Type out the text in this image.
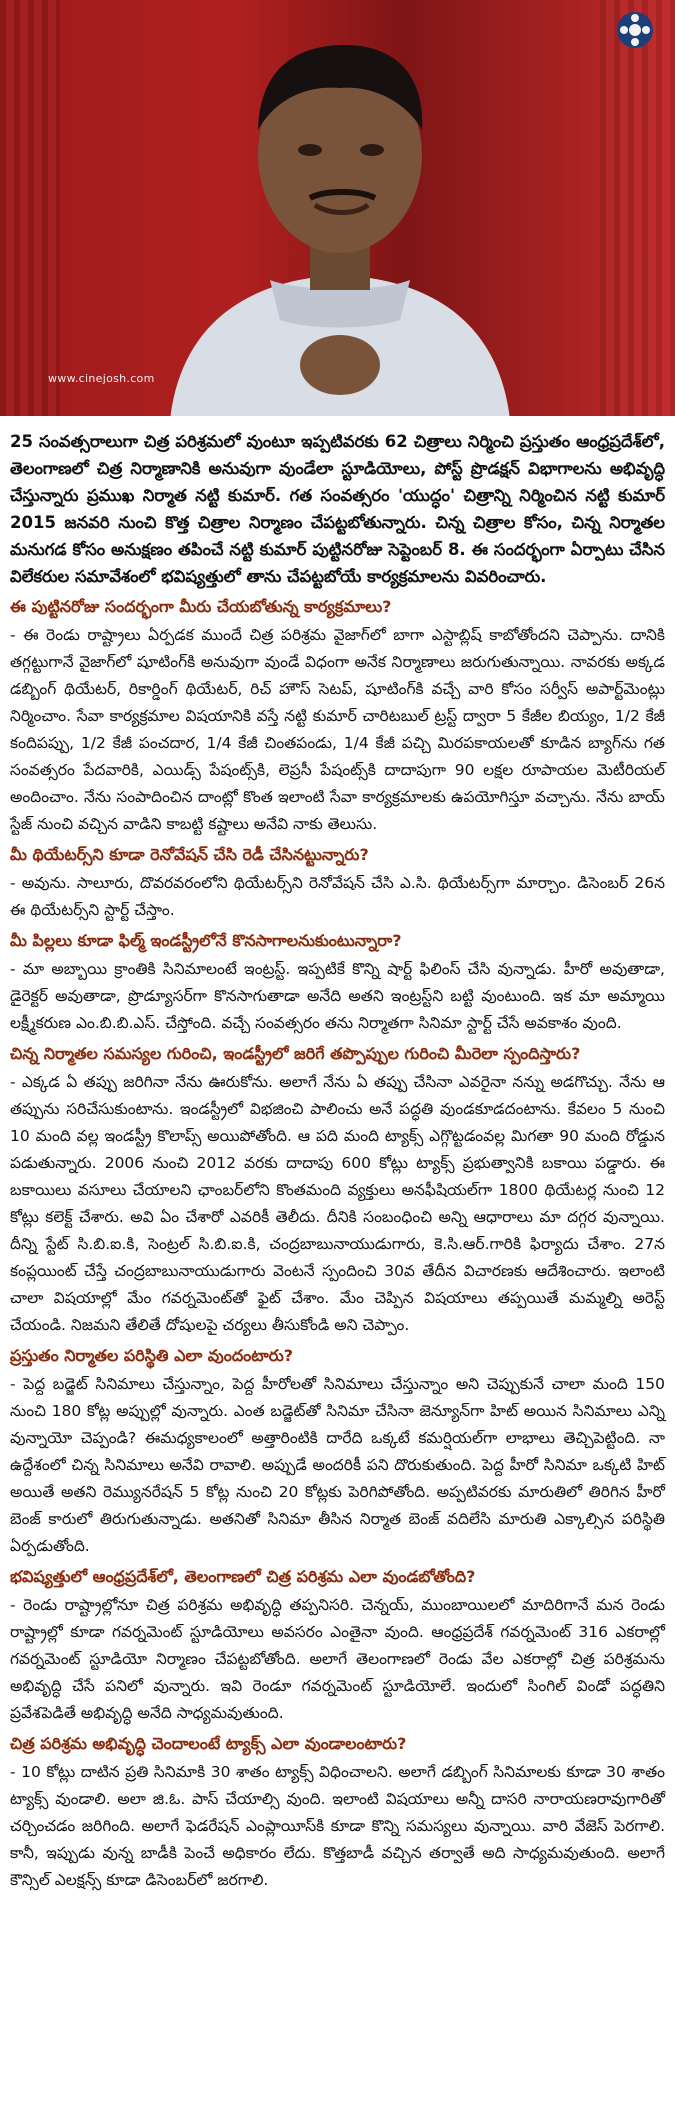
www.cinejosh.com

25 సంవత్సరాలుగా చిత్ర పరిశ్రమలో వుంటూ ఇప్పటివరకు 62 చిత్రాలు నిర్మించి ప్రస్తుతం ఆంధ్రప్రదేశ్‌లో, తెలంగాణలో చిత్ర నిర్మాణానికి అనువుగా వుండేలా స్టూడియోలు, పోస్ట్ ప్రొడక్షన్ విభాగాలను అభివృద్ధి చేస్తున్నారు ప్రముఖ నిర్మాత నట్టి కుమార్. గత సంవత్సరం 'యుద్ధం' చిత్రాన్ని నిర్మించిన నట్టి కుమార్ 2015 జనవరి నుంచి కొత్త చిత్రాల నిర్మాణం చేపట్టబోతున్నారు. చిన్న చిత్రాల కోసం, చిన్న నిర్మాతల మనుగడ కోసం అనుక్షణం తపించే నట్టి కుమార్ పుట్టినరోజు సెప్టెంబర్ 8. ఈ సందర్భంగా ఏర్పాటు చేసిన విలేకరుల సమావేశంలో భవిష్యత్తులో తాను చేపట్టబోయే కార్యక్రమాలను వివరించారు.

ఈ పుట్టినరోజు సందర్భంగా మీరు చేయబోతున్న కార్యక్రమాలు?

- ఈ రెండు రాష్ట్రాలు ఏర్పడక ముందే చిత్ర పరిశ్రమ వైజాగ్‌లో బాగా ఎస్టాబ్లిష్ కాబోతోందని చెప్పాను. దానికి తగ్గట్టుగానే వైజాగ్‌లో షూటింగ్‌కి అనువుగా వుండే విధంగా అనేక నిర్మాణాలు జరుగుతున్నాయి. నావరకు అక్కడ డబ్బింగ్ థియేటర్, రికార్డింగ్ థియేటర్, రిచ్ హౌస్ సెటప్, షూటింగ్‌కి వచ్చే వారి కోసం సర్వీస్ అపార్ట్‌మెంట్లు నిర్మించాం. సేవా కార్యక్రమాల విషయానికి వస్తే నట్టి కుమార్ చారిటబుల్ ట్రస్ట్ ద్వారా 5 కేజీల బియ్యం, 1/2 కేజీ కందిపప్పు, 1/2 కేజీ పంచదార, 1/4 కేజీ చింతపండు, 1/4 కేజీ పచ్చి మిరపకాయలతో కూడిన బ్యాగ్‌ను గత సంవత్సరం పేదవారికి, ఎయిడ్స్ పేషంట్స్‌కి, లెప్రసీ పేషంట్స్‌కి దాదాపుగా 90 లక్షల రూపాయల మెటీరియల్ అందించాం. నేను సంపాదించిన దాంట్లో కొంత ఇలాంటి సేవా కార్యక్రమాలకు ఉపయోగిస్తూ వచ్చాను. నేను బాయ్ స్టేజ్ నుంచి వచ్చిన వాడిని కాబట్టి కష్టాలు అనేవి నాకు తెలుసు.

మీ థియేటర్స్‌ని కూడా రెనోవేషన్ చేసి రెడీ చేసినట్టున్నారు?

- అవును. సాలూరు, దొవరవరంలోని థియేటర్స్‌ని రెనోవేషన్ చేసి ఎ.సి. థియేటర్స్‌గా మార్చాం. డిసెంబర్ 26న ఈ థియేటర్స్‌ని స్టార్ట్ చేస్తాం.

మీ పిల్లలు కూడా ఫిల్మ్ ఇండస్ట్రీలోనే కొనసాగాలనుకుంటున్నారా?

- మా అబ్బాయి క్రాంతికి సినిమాలంటే ఇంట్రస్ట్. ఇప్పటికే కొన్ని షార్ట్ ఫిలింస్ చేసి వున్నాడు. హీరో అవుతాడా, డైరెక్టర్ అవుతాడా, ప్రొడ్యూసర్‌గా కొనసాగుతాడా అనేది అతని ఇంట్రస్ట్‌ని బట్టి వుంటుంది. ఇక మా అమ్మాయి లక్ష్మీకరుణ ఎం.బి.బి.ఎస్. చేస్తోంది. వచ్చే సంవత్సరం తను నిర్మాతగా సినిమా స్టార్ట్ చేసే అవకాశం వుంది.

చిన్న నిర్మాతల సమస్యల గురించి, ఇండస్ట్రీలో జరిగే తప్పొప్పుల గురించి మీరెలా స్పందిస్తారు?

- ఎక్కడ ఏ తప్పు జరిగినా నేను ఊరుకోను. అలాగే నేను ఏ తప్పు చేసినా ఎవరైనా నన్ను అడగొచ్చు. నేను ఆ తప్పును సరిచేసుకుంటాను. ఇండస్ట్రీలో విభజించి పాలించు అనే పద్ధతి వుండకూడదంటాను. కేవలం 5 నుంచి 10 మంది వల్ల ఇండస్ట్రీ కొలాప్స్ అయిపోతోంది. ఆ పది మంది ట్యాక్స్ ఎగ్గొట్టడంవల్ల మిగతా 90 మంది రోడ్డున పడుతున్నారు. 2006 నుంచి 2012 వరకు దాదాపు 600 కోట్లు ట్యాక్స్ ప్రభుత్వానికి బకాయి పడ్డారు. ఈ బకాయిలు వసూలు చేయాలని ఛాంబర్‌లోని కొంతమంది వ్యక్తులు అనఫీషియల్‌గా 1800 థియేటర్ల నుంచి 12 కోట్లు కలెక్ట్ చేశారు. అవి ఏం చేశారో ఎవరికీ తెలీదు. దీనికి సంబంధించి అన్ని ఆధారాలు మా దగ్గర వున్నాయి. దీన్ని స్టేట్ సి.బి.ఐ.కి, సెంట్రల్ సి.బి.ఐ.కి, చంద్రబాబునాయుడుగారు, కె.సి.ఆర్.గారికి ఫిర్యాదు చేశాం. 27న కంప్లయింట్ చేస్తే చంద్రబాబునాయుడుగారు వెంటనే స్పందించి 30వ తేదీన విచారణకు ఆదేశించారు. ఇలాంటి చాలా విషయాల్లో మేం గవర్నమెంట్‌తో ఫైట్ చేశాం. మేం చెప్పిన విషయాలు తప్పయితే మమ్మల్ని అరెస్ట్ చేయండి. నిజమని తేలితే దోషులపై చర్యలు తీసుకోండి అని చెప్పాం.

ప్రస్తుతం నిర్మాతల పరిస్థితి ఎలా వుందంటారు?

- పెద్ద బడ్జెట్ సినిమాలు చేస్తున్నాం, పెద్ద హీరోలతో సినిమాలు చేస్తున్నాం అని చెప్పుకునే చాలా మంది 150 నుంచి 180 కోట్ల అప్పుల్లో వున్నారు. ఎంత బడ్జెట్‌తో సినిమా చేసినా జెన్యూన్‌గా హిట్ అయిన సినిమాలు ఎన్ని వున్నాయో చెప్పండి? ఈమధ్యకాలంలో అత్తారింటికి దారేది ఒక్కటే కమర్షియల్‌గా లాభాలు తెచ్చిపెట్టింది. నా ఉద్దేశంలో చిన్న సినిమాలు అనేవి రావాలి. అప్పుడే అందరికీ పని దొరుకుతుంది. పెద్ద హీరో సినిమా ఒక్కటి హిట్ అయితే అతని రెమ్యునరేషన్ 5 కోట్ల నుంచి 20 కోట్లకు పెరిగిపోతోంది. అప్పటివరకు మారుతిలో తిరిగిన హీరో బెంజ్ కారులో తిరుగుతున్నాడు. అతనితో సినిమా తీసిన నిర్మాత బెంజ్ వదిలేసి మారుతి ఎక్కాల్సిన పరిస్థితి ఏర్పడుతోంది.

భవిష్యత్తులో ఆంధ్రప్రదేశ్‌లో, తెలంగాణలో చిత్ర పరిశ్రమ ఎలా వుండబోతోంది?

- రెండు రాష్ట్రాల్లోనూ చిత్ర పరిశ్రమ అభివృద్ధి తప్పనిసరి. చెన్నయ్, ముంబాయిలలో మాదిరిగానే మన రెండు రాష్ట్రాల్లో కూడా గవర్నమెంట్ స్టూడియోలు అవసరం ఎంతైనా వుంది. ఆంధ్రప్రదేశ్ గవర్నమెంట్ 316 ఎకరాల్లో గవర్నమెంట్ స్టూడియో నిర్మాణం చేపట్టబోతోంది. అలాగే తెలంగాణలో రెండు వేల ఎకరాల్లో చిత్ర పరిశ్రమను అభివృద్ధి చేసే పనిలో వున్నారు. ఇవి రెండూ గవర్నమెంట్ స్టూడియోలే. ఇందులో సింగిల్ విండో పద్ధతిని ప్రవేశపెడితే అభివృద్ధి అనేది సాధ్యమవుతుంది.

చిత్ర పరిశ్రమ అభివృద్ధి చెందాలంటే ట్యాక్స్ ఎలా వుండాలంటారు?

- 10 కోట్లు దాటిన ప్రతి సినిమాకి 30 శాతం ట్యాక్స్ విధించాలని. అలాగే డబ్బింగ్ సినిమాలకు కూడా 30 శాతం ట్యాక్స్ వుండాలి. అలా జి.ఓ. పాస్ చేయాల్సి వుంది. ఇలాంటి విషయాలు అన్నీ దాసరి నారాయణరావుగారితో చర్చించడం జరిగింది. అలాగే ఫెడరేషన్ ఎంప్లాయీస్‌కి కూడా కొన్ని సమస్యలు వున్నాయి. వారి వేజెస్ పెరగాలి. కానీ, ఇప్పుడు వున్న బాడీకి పెంచే అధికారం లేదు. కొత్తబాడీ వచ్చిన తర్వాతే అది సాధ్యమవుతుంది. అలాగే కౌన్సిల్ ఎలక్షన్స్ కూడా డిసెంబర్‌లో జరగాలి.
